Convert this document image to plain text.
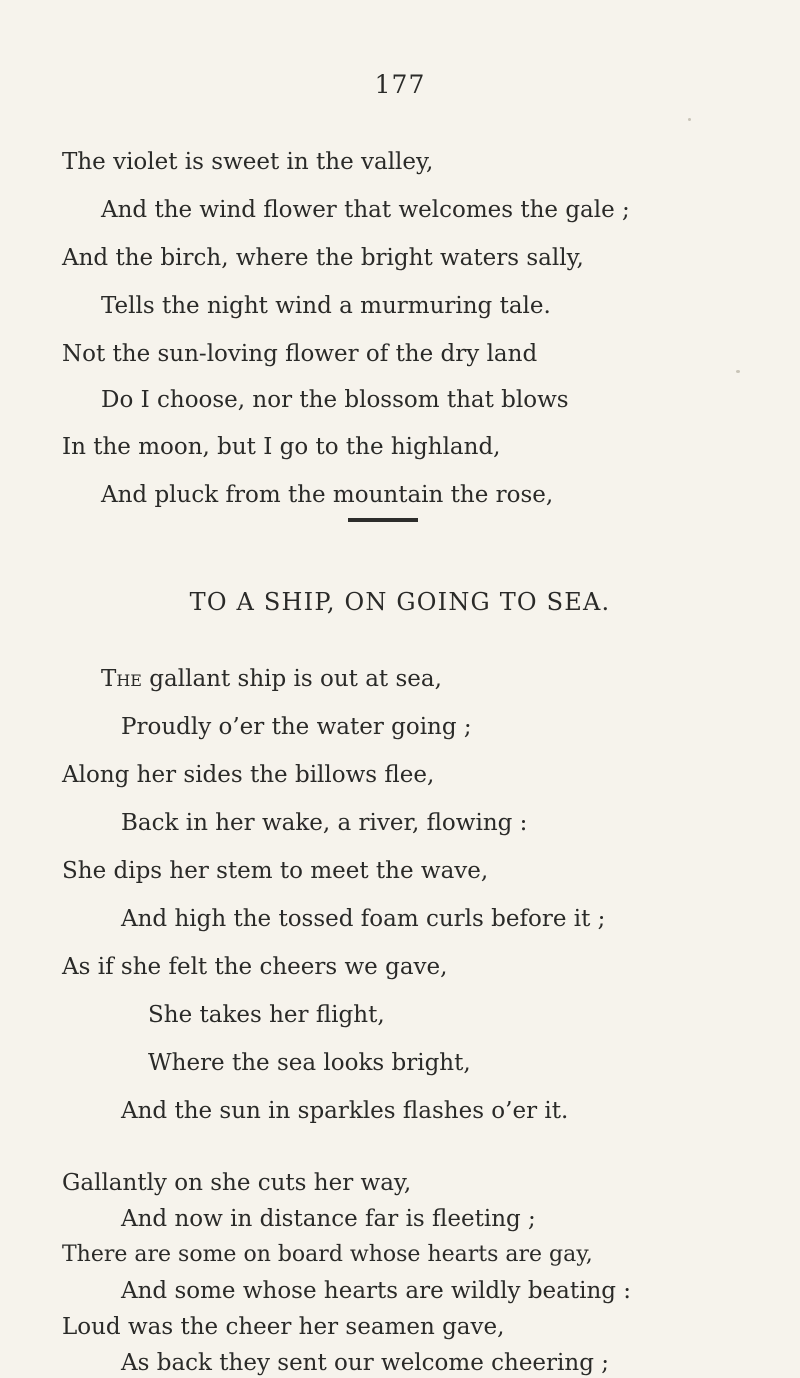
177
The violet is sweet in the valley,
And the wind flower that welcomes the gale ;
And the birch, where the bright waters sally,
Tells the night wind a murmuring tale.
Not the sun-loving flower of the dry land
Do I choose, nor the blossom that blows
In the moon, but I go to the highland,
And pluck from the mountain the rose,
TO A SHIP, ON GOING TO SEA.
The gallant ship is out at sea,
Proudly o’er the water going ;
Along her sides the billows flee,
Back in her wake, a river, flowing :
She dips her stem to meet the wave,
And high the tossed foam curls before it ;
As if she felt the cheers we gave,
She takes her flight,
Where the sea looks bright,
And the sun in sparkles flashes o’er it.
Gallantly on she cuts her way,
And now in distance far is fleeting ;
There are some on board whose hearts are gay,
And some whose hearts are wildly beating :
Loud was the cheer her seamen gave,
As back they sent our welcome cheering ;
